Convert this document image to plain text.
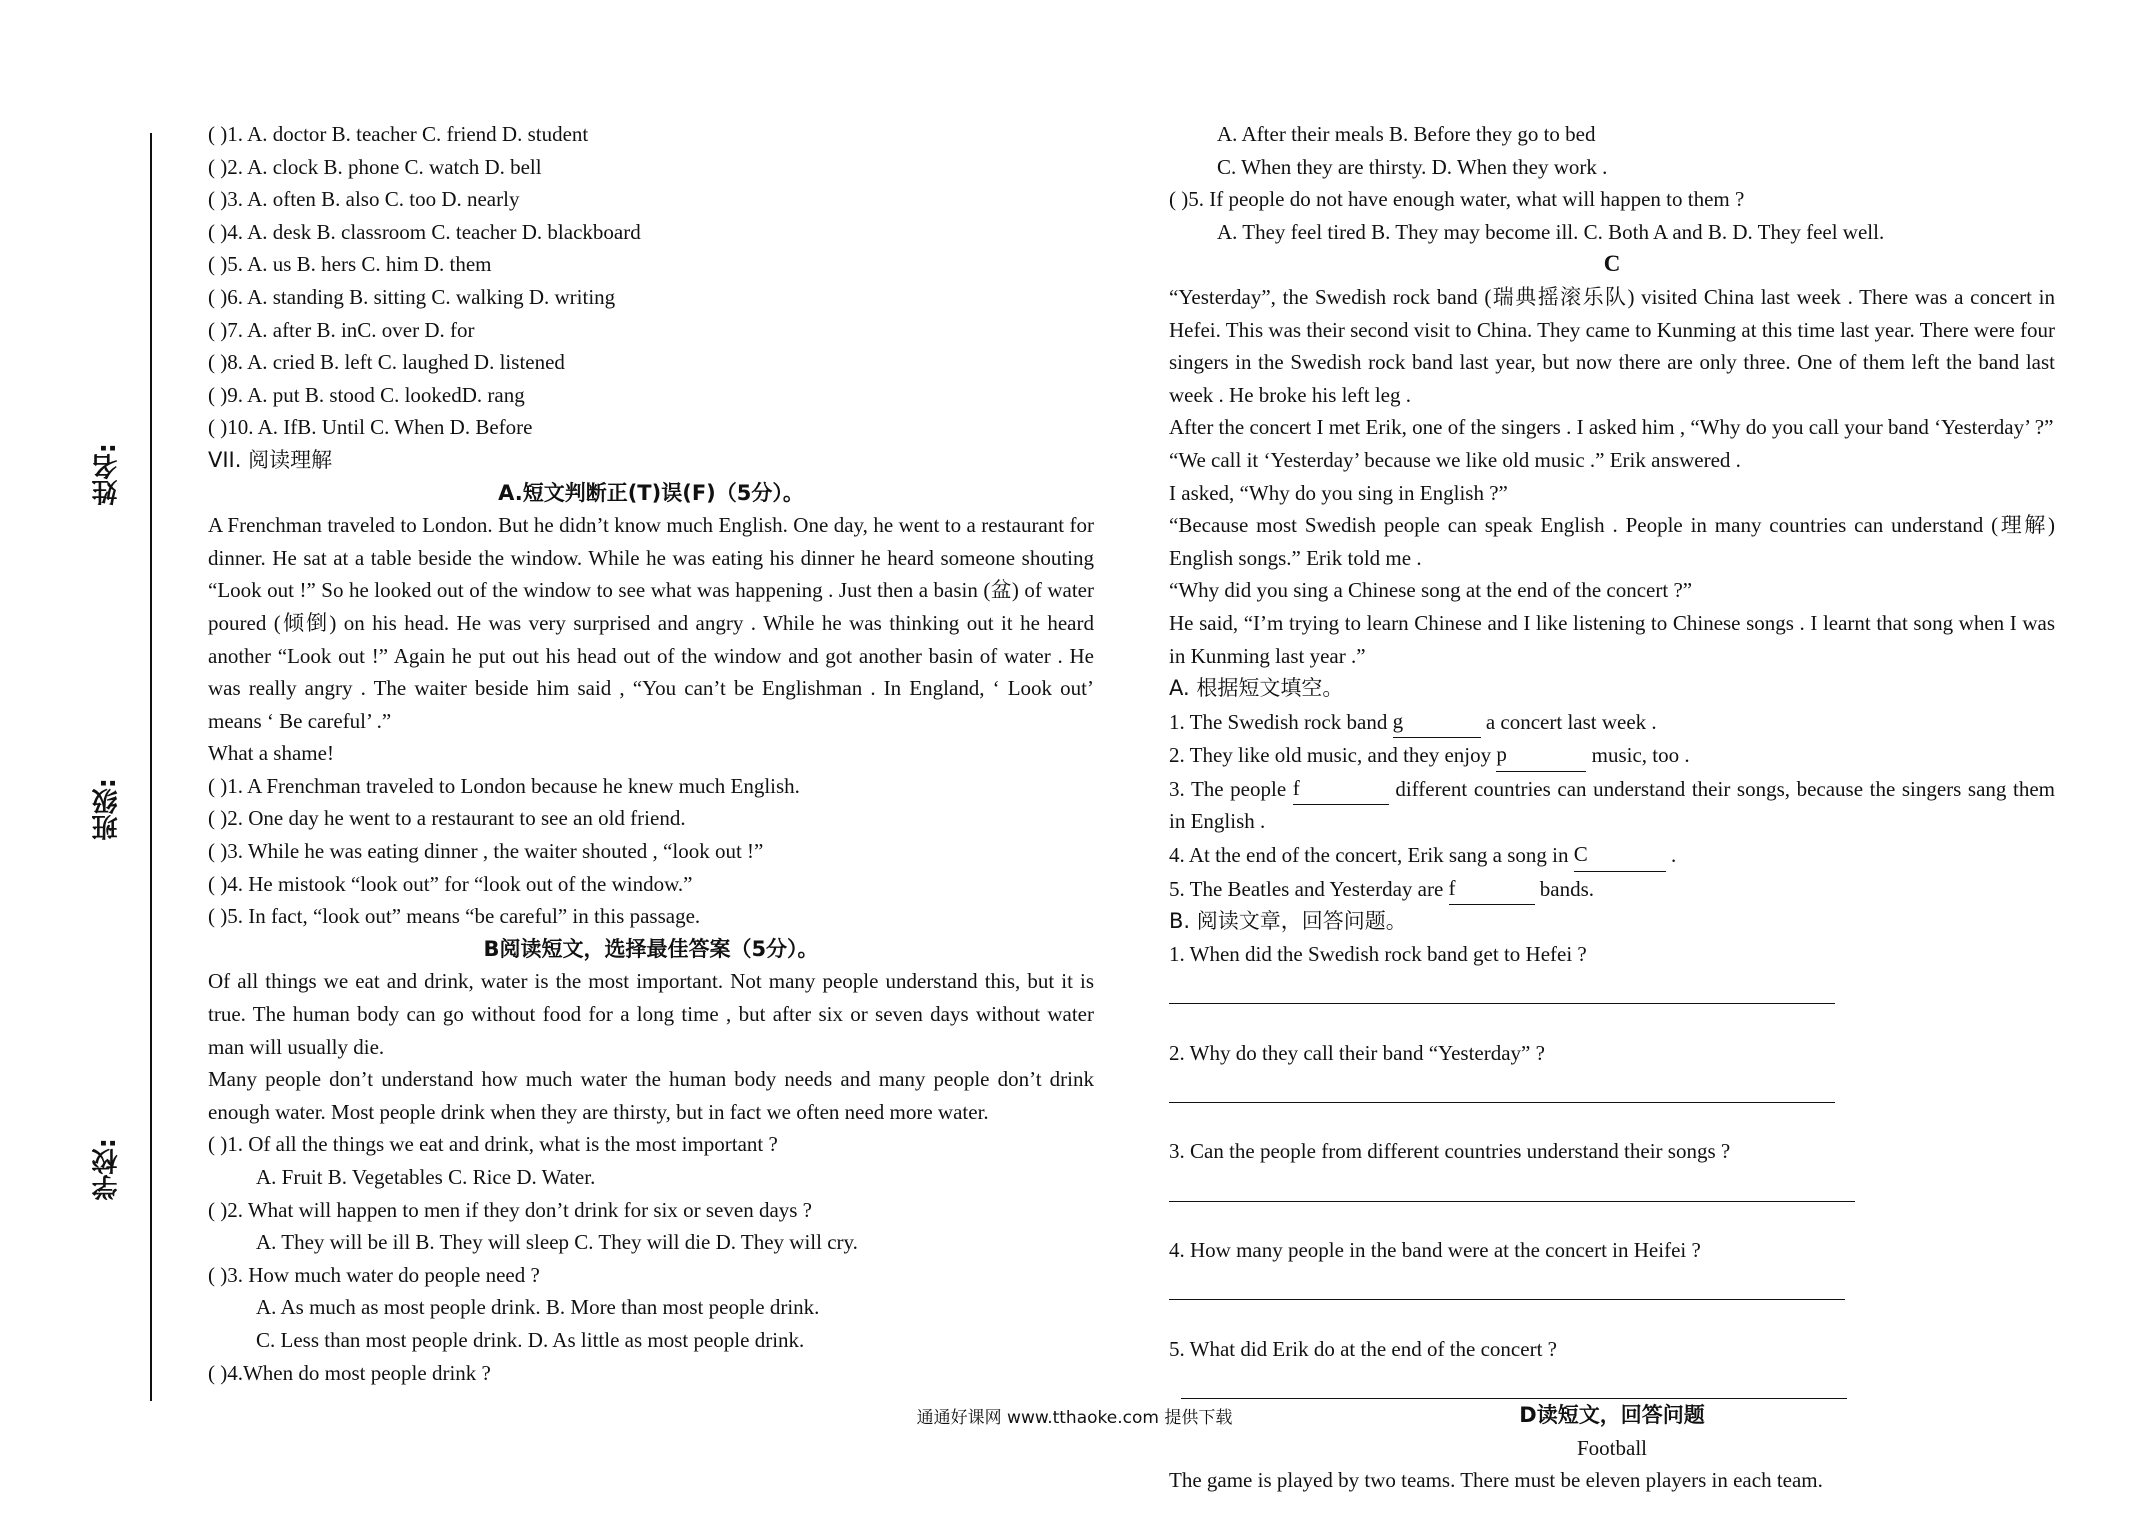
学校:
班级:
姓名:
( )1. A. doctor B. teacher C. friend D. student
( )2. A. clock B. phone C. watch D. bell
( )3. A. often B. also C. too D. nearly
( )4. A. desk B. classroom C. teacher D. blackboard
( )5. A. us B. hers C. him D. them
( )6. A. standing B. sitting C. walking D. writing
( )7. A. after B. inC. over D. for
( )8. A. cried B. left C. laughed D. listened
( )9. A. put B. stood C. lookedD. rang
( )10. A. IfB. Until C. When D. Before
VII. 阅读理解
A.短文判断正(T)误(F)（5分）。
A Frenchman traveled to London. But he didn’t know much English. One day, he went to a restaurant for dinner. He sat at a table beside the window. While he was eating his dinner he heard someone shouting “Look out !” So he looked out of the window to see what was happening . Just then a basin (盆) of water poured (倾倒) on his head. He was very surprised and angry . While he was thinking out it he heard another “Look out !” Again he put out his head out of the window and got another basin of water . He was really angry . The waiter beside him said , “You can’t be Englishman . In England, ‘ Look out’ means ‘ Be careful’ .”
What a shame!
( )1. A Frenchman traveled to London because he knew much English.
( )2. One day he went to a restaurant to see an old friend.
( )3. While he was eating dinner , the waiter shouted , “look out !”
( )4. He mistook “look out” for “look out of the window.”
( )5. In fact, “look out” means “be careful” in this passage.
B阅读短文，选择最佳答案（5分）。
Of all things we eat and drink, water is the most important. Not many people understand this, but it is true. The human body can go without food for a long time , but after six or seven days without water man will usually die.
Many people don’t understand how much water the human body needs and many people don’t drink enough water. Most people drink when they are thirsty, but in fact we often need more water.
( )1. Of all the things we eat and drink, what is the most important ?
A. Fruit B. Vegetables C. Rice D. Water.
( )2. What will happen to men if they don’t drink for six or seven days ?
A. They will be ill B. They will sleep C. They will die D. They will cry.
( )3. How much water do people need ?
A. As much as most people drink. B. More than most people drink.
C. Less than most people drink. D. As little as most people drink.
( )4.When do most people drink ?
A. After their meals B. Before they go to bed
C. When they are thirsty. D. When they work .
( )5. If people do not have enough water, what will happen to them ?
A. They feel tired B. They may become ill. C. Both A and B. D. They feel well.
C
“Yesterday”, the Swedish rock band (瑞典摇滚乐队) visited China last week . There was a concert in Hefei. This was their second visit to China. They came to Kunming at this time last year. There were four singers in the Swedish rock band last year, but now there are only three. One of them left the band last week . He broke his left leg .
After the concert I met Erik, one of the singers . I asked him , “Why do you call your band ‘Yesterday’ ?”
“We call it ‘Yesterday’ because we like old music .” Erik answered .
I asked, “Why do you sing in English ?”
“Because most Swedish people can speak English . People in many countries can understand (理解) English songs.” Erik told me .
“Why did you sing a Chinese song at the end of the concert ?”
He said, “I’m trying to learn Chinese and I like listening to Chinese songs . I learnt that song when I was in Kunming last year .”
A. 根据短文填空。
1. The Swedish rock band g	a concert last week .
2. They like old music, and they enjoy p	music, too .
3. The people f	different countries can understand their songs, because the singers sang them in English .
4. At the end of the concert, Erik sang a song in C	.
5. The Beatles and Yesterday are f	bands.
B. 阅读文章，回答问题。
1. When did the Swedish rock band get to Hefei ?
2. Why do they call their band “Yesterday” ?
3. Can the people from different countries understand their songs ?
4. How many people in the band were at the concert in Heifei ?
5. What did Erik do at the end of the concert ?
D读短文，回答问题
Football
The game is played by two teams. There must be eleven players in each team.
通通好课网 www.tthaoke.com 提供下载
